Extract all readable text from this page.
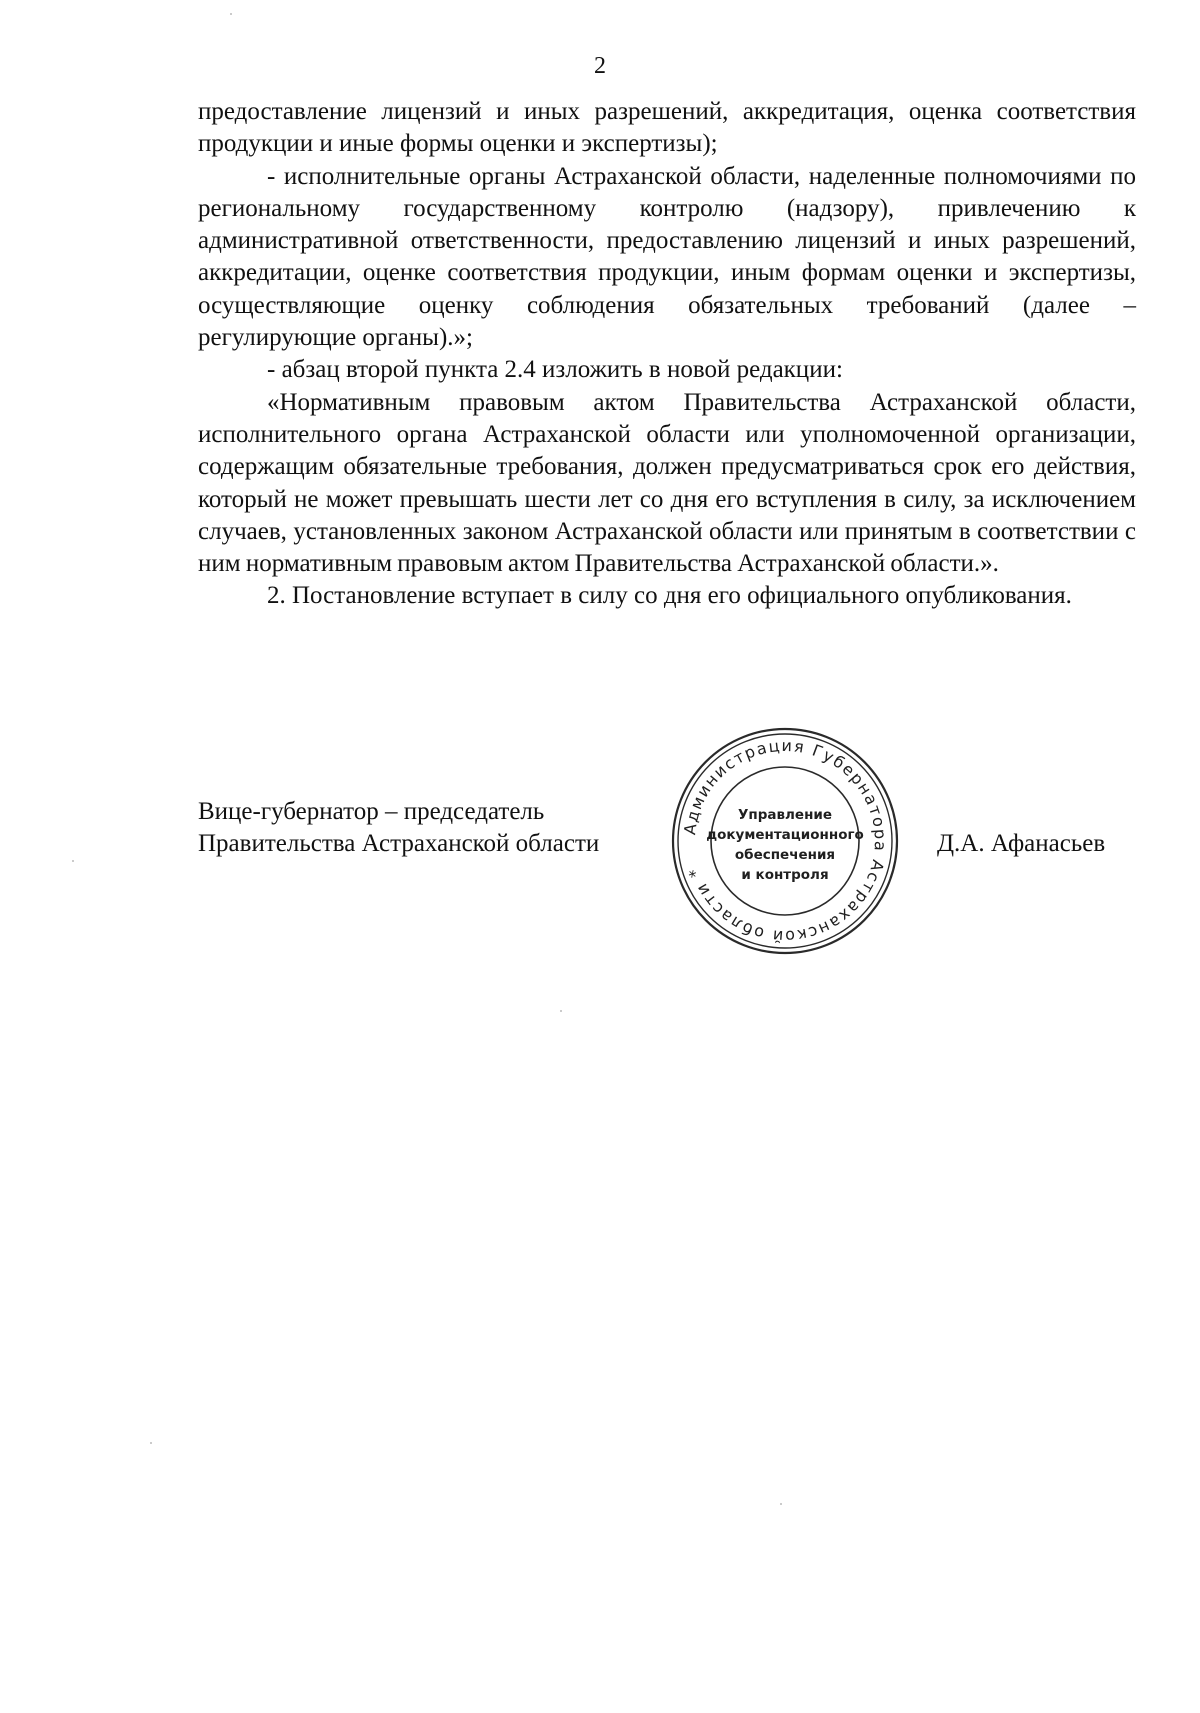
2

предоставление лицензий и иных разрешений, аккредитация, оценка соответствия продукции и иные формы оценки и экспертизы);

- исполнительные органы Астраханской области, наделенные полномочиями по региональному государственному контролю (надзору), привлечению к административной ответственности, предоставлению лицензий и иных разрешений, аккредитации, оценке соответствия продукции, иным формам оценки и экспертизы, осуществляющие оценку соблюдения обязательных требований (далее – регулирующие органы).»;

- абзац второй пункта 2.4 изложить в новой редакции:

«Нормативным правовым актом Правительства Астраханской области, исполнительного органа Астраханской области или уполномоченной организации, содержащим обязательные требования, должен предусматриваться срок его действия, который не может превышать шести лет со дня его вступления в силу, за исключением случаев, установленных законом Астраханской области или принятым в соответствии с ним нормативным правовым актом Правительства Астраханской области.».

2. Постановление вступает в силу со дня его официального опубликования.

Вице-губернатор – председатель
Правительства Астраханской области	Д.А. Афанасьев
Администрация Губернатора Астраханской области *
Управление
документационного
обеспечения
и контроля
